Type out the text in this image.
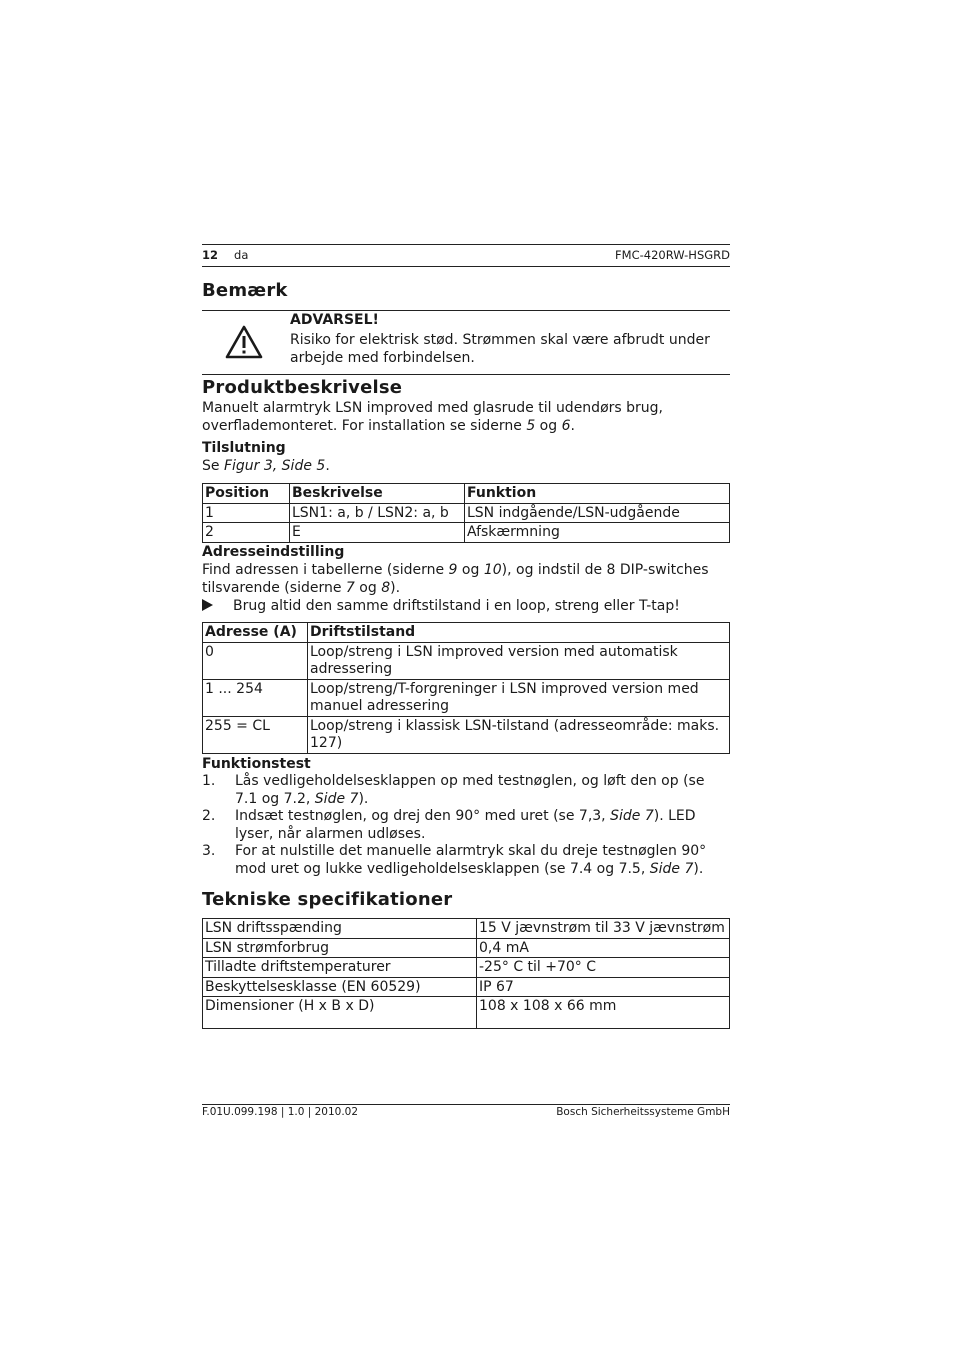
12 da	FMC-420RW-HSGRD
Bemærk
ADVARSEL!
Risiko for elektrisk stød. Strømmen skal være afbrudt under arbejde med forbindelsen.
Produktbeskrivelse
Manuelt alarmtryk LSN improved med glasrude til udendørs brug,
overflademonteret. For installation se siderne 5 og 6.
Tilslutning
Se Figur 3, Side 5.
Position	Beskrivelse	Funktion
1	LSN1: a, b / LSN2: a, b	LSN indgående/LSN-udgående
2	E	Afskærmning
Adresseindstilling
Find adressen i tabellerne (siderne 9 og 10), og indstil de 8 DIP-switches
tilsvarende (siderne 7 og 8).
Brug altid den samme driftstilstand i en loop, streng eller T-tap!
Adresse (A)	Driftstilstand
0	Loop/streng i LSN improved version med automatisk adressering
1 ... 254	Loop/streng/T-forgreninger i LSN improved version med manuel adressering
255 = CL	Loop/streng i klassisk LSN-tilstand (adresseområde: maks. 127)
Funktionstest
1. Lås vedligeholdelsesklappen op med testnøglen, og løft den op (se 7.1 og 7.2, Side 7).
2. Indsæt testnøglen, og drej den 90° med uret (se 7,3, Side 7). LED lyser, når alarmen udløses.
3. For at nulstille det manuelle alarmtryk skal du dreje testnøglen 90° mod uret og lukke vedligeholdelsesklappen (se 7.4 og 7.5, Side 7).
Tekniske specifikationer
LSN driftsspænding	15 V jævnstrøm til 33 V jævnstrøm
LSN strømforbrug	0,4 mA
Tilladte driftstemperaturer	-25° C til +70° C
Beskyttelsesklasse (EN 60529)	IP 67
Dimensioner (H x B x D)	108 x 108 x 66 mm
F.01U.099.198 | 1.0 | 2010.02	Bosch Sicherheitssysteme GmbH
